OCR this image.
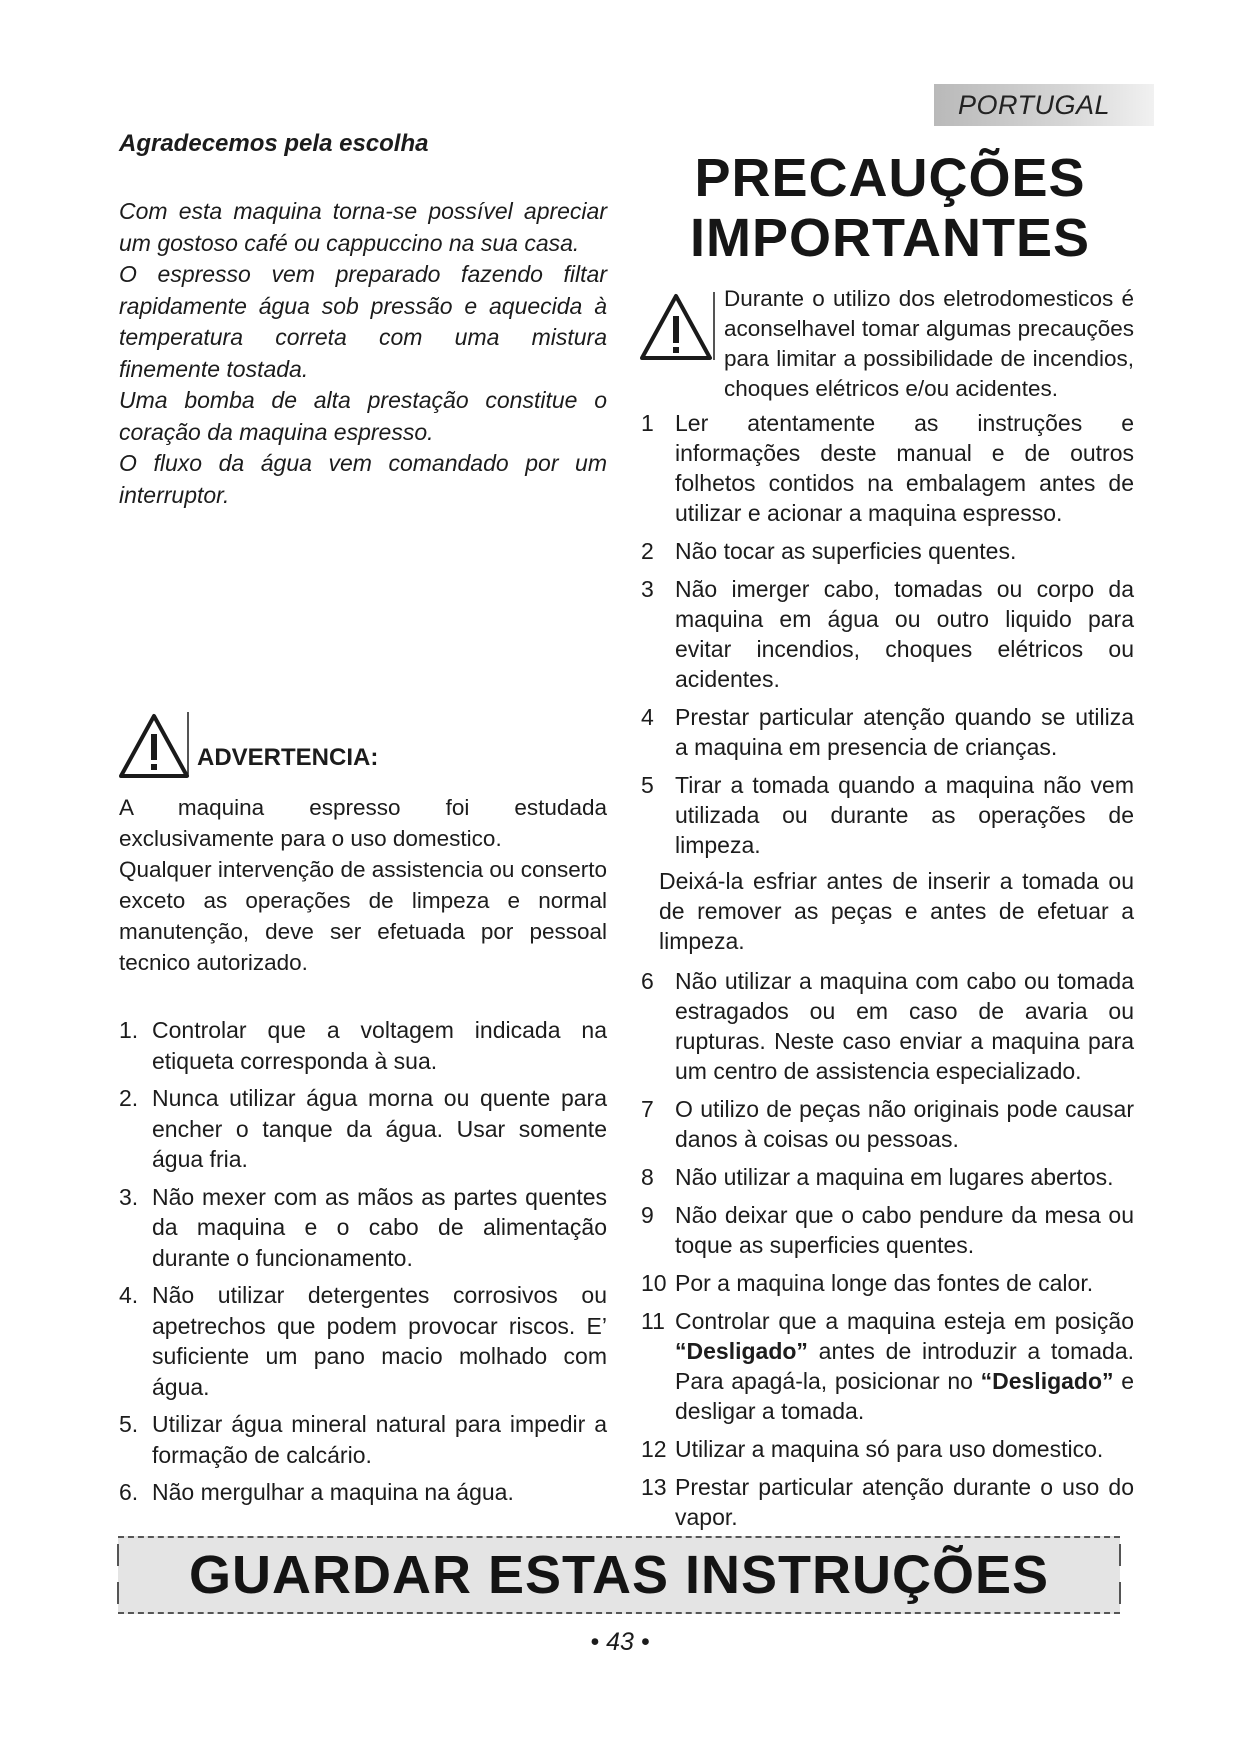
PORTUGAL
Agradecemos pela escolha

Com esta maquina torna-se possível apreciar um gostoso café ou cappuccino na sua casa.

O espresso vem preparado fazendo filtar rapidamente água sob pressão e aquecida à temperatura correta com uma mistura finemente tostada.

Uma bomba de alta prestação constitue o coração da maquina espresso.

O fluxo da água vem comandado por um interruptor.

ADVERTENCIA:

A maquina espresso foi estudada exclusivamente para o uso domestico.

Qualquer intervenção de assistencia ou conserto exceto as operações de limpeza e normal manutenção, deve ser efetuada por pessoal tecnico autorizado.

1. Controlar que a voltagem indicada na etiqueta corresponda à sua.
2. Nunca utilizar água morna ou quente para encher o tanque da água. Usar somente água fria.
3. Não mexer com as mãos as partes quentes da maquina e o cabo de alimentação durante o funcionamento.
4. Não utilizar detergentes corrosivos ou apetrechos que podem provocar riscos. E’ suficiente um pano macio molhado com água.
5. Utilizar água mineral natural para impedir a formação de calcário.
6. Não mergulhar a maquina na água.
PRECAUÇÕES
IMPORTANTES
Durante o utilizo dos eletrodomesticos é aconselhavel tomar algumas precauções para limitar a possibilidade de incendios, choques elétricos e/ou acidentes.
1 Ler atentamente as instruções e informações deste manual e de outros folhetos contidos na embalagem antes de utilizar e acionar a maquina espresso.
2 Não tocar as superficies quentes.
3 Não imerger cabo, tomadas ou corpo da maquina em água ou outro liquido para evitar incendios, choques elétricos ou acidentes.
4 Prestar particular atenção quando se utiliza a maquina em presencia de crianças.
5 Tirar a tomada quando a maquina não vem utilizada ou durante as operações de limpeza.
Deixá-la esfriar antes de inserir a tomada ou de remover as peças e antes de efetuar a limpeza.
6 Não utilizar a maquina com cabo ou tomada estragados ou em caso de avaria ou rupturas. Neste caso enviar a maquina para um centro de assistencia especializado.
7 O utilizo de peças não originais pode causar danos à coisas ou pessoas.
8 Não utilizar a maquina em lugares abertos.
9 Não deixar que o cabo pendure da mesa ou toque as superficies quentes.
10 Por a maquina longe das fontes de calor.
11 Controlar que a maquina esteja em posição “Desligado” antes de introduzir a tomada. Para apagá-la, posicionar no “Desligado” e desligar a tomada.
12 Utilizar a maquina só para uso domestico.
13 Prestar particular atenção durante o uso do vapor.
GUARDAR ESTAS INSTRUÇÕES
• 43 •
